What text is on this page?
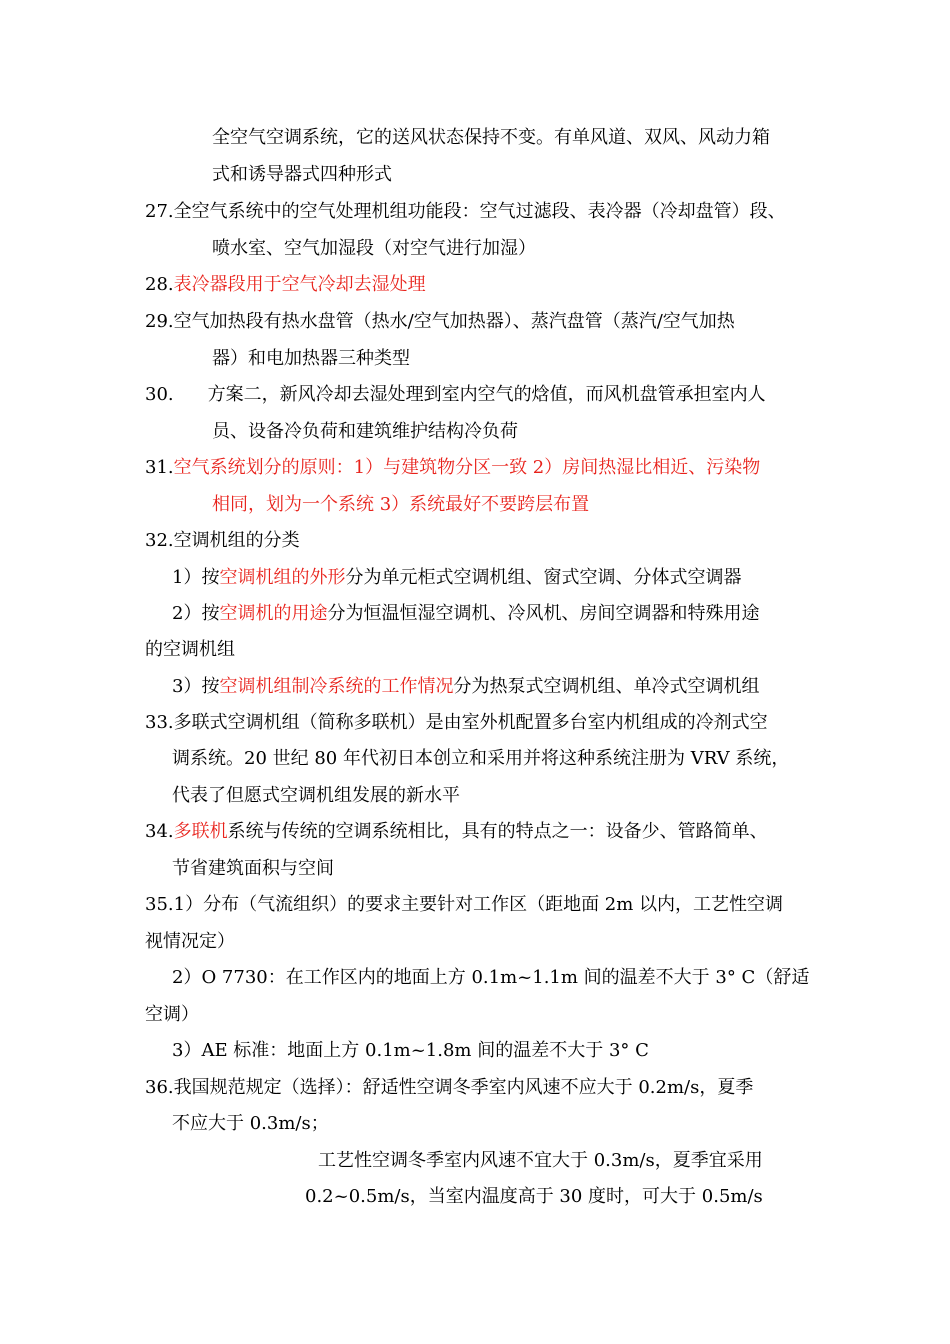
全空气空调系统，它的送风状态保持不变。有单风道、双风、风动力箱
式和诱导器式四种形式
27.全空气系统中的空气处理机组功能段：空气过滤段、表冷器（冷却盘管）段、
喷水室、空气加湿段（对空气进行加湿）
28.表冷器段用于空气冷却去湿处理
29.空气加热段有热水盘管（热水/空气加热器）、蒸汽盘管（蒸汽/空气加热
器）和电加热器三种类型
30. 方案二，新风冷却去湿处理到室内空气的焓值，而风机盘管承担室内人
员、设备冷负荷和建筑维护结构冷负荷
31.空气系统划分的原则：1）与建筑物分区一致 2）房间热湿比相近、污染物
相同，划为一个系统 3）系统最好不要跨层布置
32.空调机组的分类
1）按空调机组的外形分为单元柜式空调机组、窗式空调、分体式空调器
2）按空调机的用途分为恒温恒湿空调机、冷风机、房间空调器和特殊用途
的空调机组
3）按空调机组制冷系统的工作情况分为热泵式空调机组、单冷式空调机组
33.多联式空调机组（简称多联机）是由室外机配置多台室内机组成的冷剂式空
调系统。20 世纪 80 年代初日本创立和采用并将这种系统注册为 VRV 系统，
代表了但愿式空调机组发展的新水平
34.多联机系统与传统的空调系统相比，具有的特点之一：设备少、管路简单、
节省建筑面积与空间
35.1）分布（气流组织）的要求主要针对工作区（距地面 2m 以内，工艺性空调
视情况定）
2）O 7730：在工作区内的地面上方 0.1m~1.1m 间的温差不大于 3° C（舒适
空调）
3）AE 标准：地面上方 0.1m~1.8m 间的温差不大于 3° C
36.我国规范规定（选择）：舒适性空调冬季室内风速不应大于 0.2m/s，夏季
不应大于 0.3m/s；
工艺性空调冬季室内风速不宜大于 0.3m/s，夏季宜采用
0.2~0.5m/s，当室内温度高于 30 度时，可大于 0.5m/s
